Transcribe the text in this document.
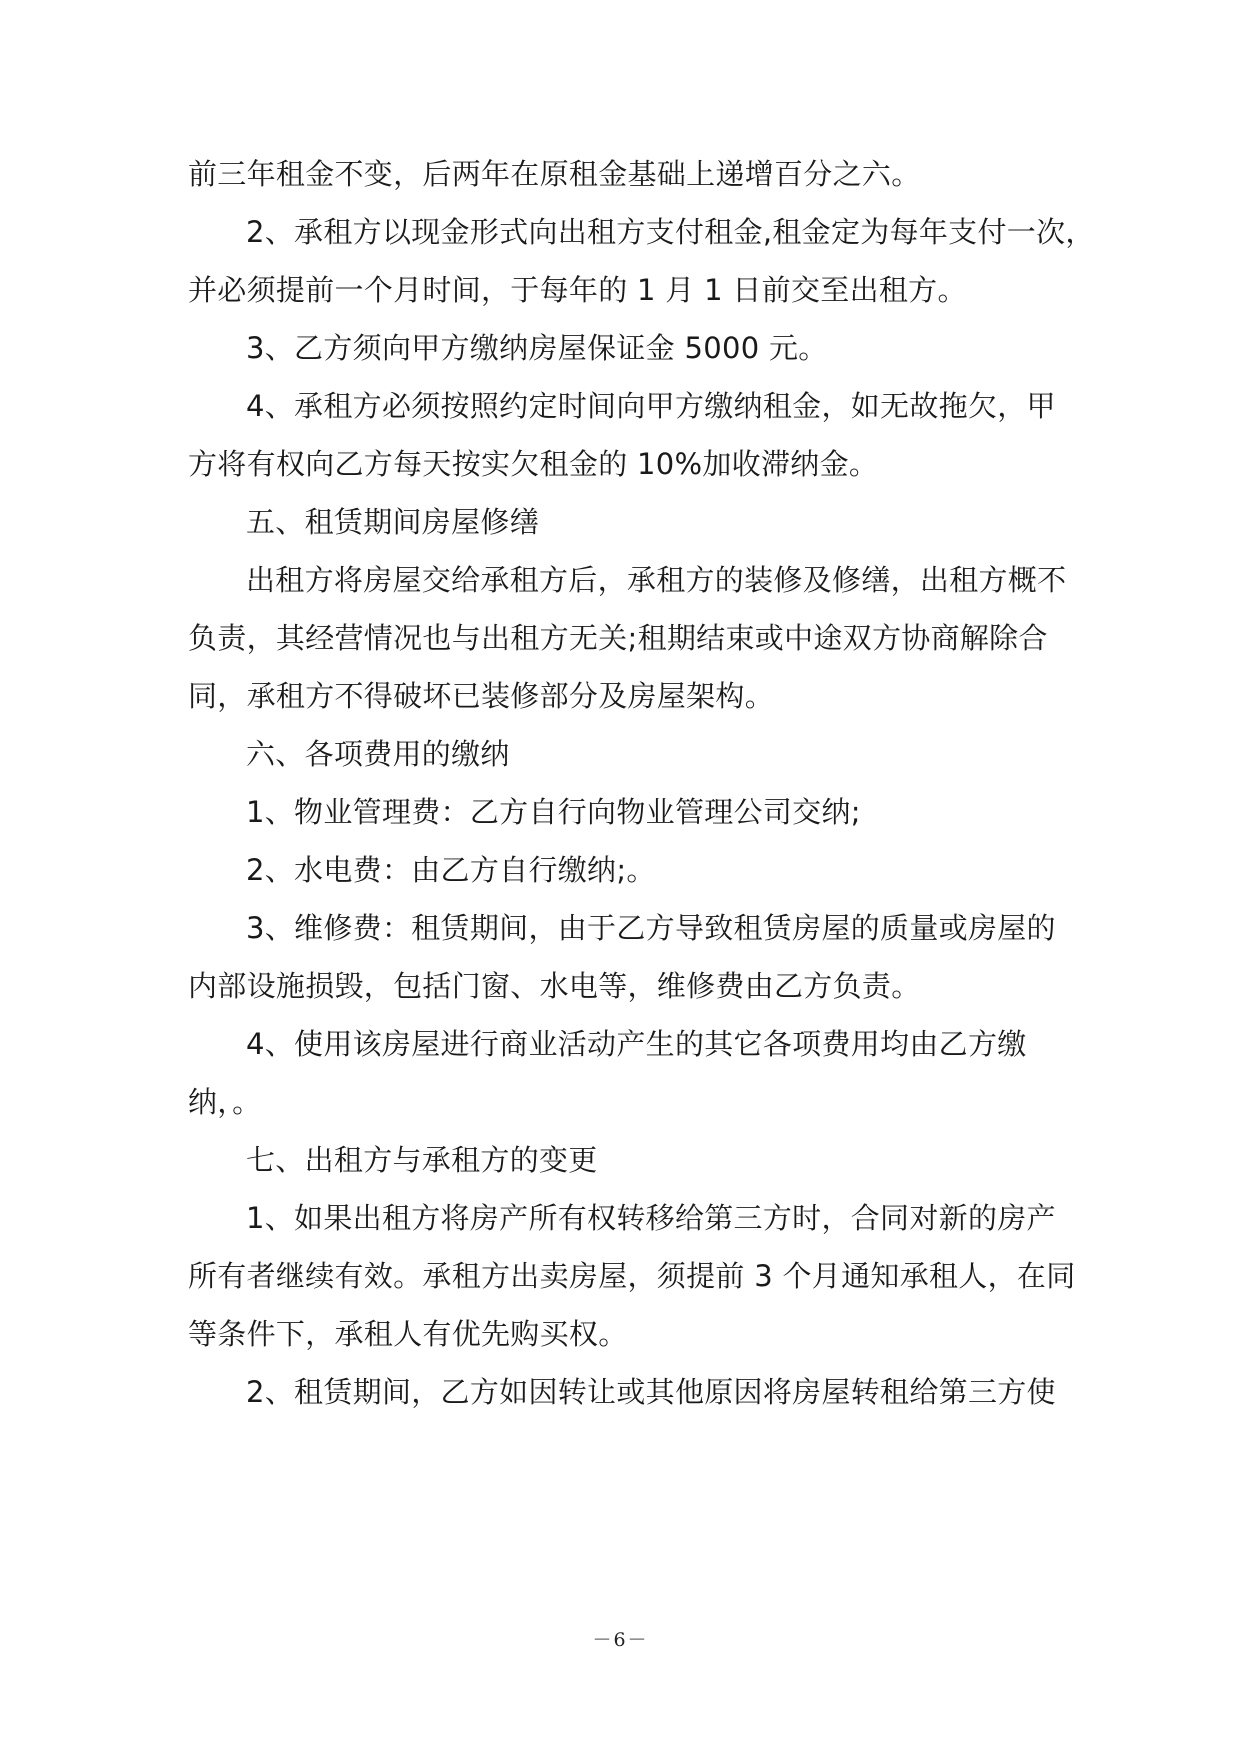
前三年租金不变，后两年在原租金基础上递增百分之六。
2、承租方以现金形式向出租方支付租金,租金定为每年支付一次，
并必须提前一个月时间，于每年的 1 月 1 日前交至出租方。
3、乙方须向甲方缴纳房屋保证金 5000 元。
4、承租方必须按照约定时间向甲方缴纳租金，如无故拖欠，甲
方将有权向乙方每天按实欠租金的 10%加收滞纳金。
五、租赁期间房屋修缮
出租方将房屋交给承租方后，承租方的装修及修缮，出租方概不
负责，其经营情况也与出租方无关;租期结束或中途双方协商解除合
同，承租方不得破坏已装修部分及房屋架构。
六、各项费用的缴纳
1、物业管理费：乙方自行向物业管理公司交纳;
2、水电费：由乙方自行缴纳;。
3、维修费：租赁期间，由于乙方导致租赁房屋的质量或房屋的
内部设施损毁，包括门窗、水电等，维修费由乙方负责。
4、使用该房屋进行商业活动产生的其它各项费用均由乙方缴
纳，。
七、出租方与承租方的变更
1、如果出租方将房产所有权转移给第三方时，合同对新的房产
所有者继续有效。承租方出卖房屋，须提前 3 个月通知承租人，在同
等条件下，承租人有优先购买权。
2、租赁期间，乙方如因转让或其他原因将房屋转租给第三方使
－6－
